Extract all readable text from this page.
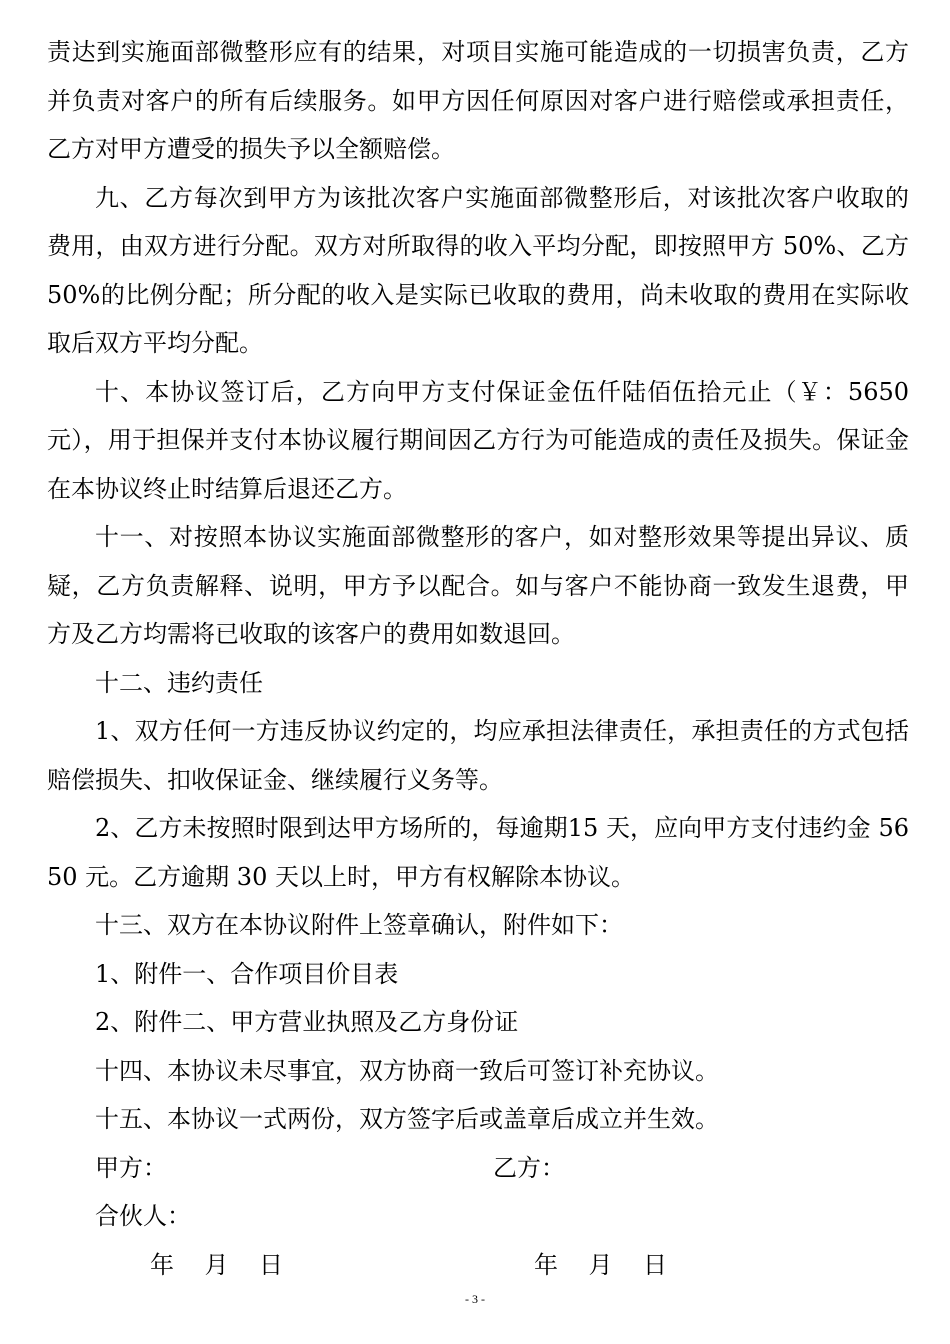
责达到实施面部微整形应有的结果，对项目实施可能造成的一切损害负责，乙方并负责对客户的所有后续服务。如甲方因任何原因对客户进行赔偿或承担责任，乙方对甲方遭受的损失予以全额赔偿。

九、乙方每次到甲方为该批次客户实施面部微整形后，对该批次客户收取的费用，由双方进行分配。双方对所取得的收入平均分配，即按照甲方 50%、乙方 50%的比例分配；所分配的收入是实际已收取的费用，尚未收取的费用在实际收取后双方平均分配。

十、本协议签订后，乙方向甲方支付保证金伍仟陆佰伍拾元止（￥：5650元），用于担保并支付本协议履行期间因乙方行为可能造成的责任及损失。保证金在本协议终止时结算后退还乙方。

十一、对按照本协议实施面部微整形的客户，如对整形效果等提出异议、质疑，乙方负责解释、说明，甲方予以配合。如与客户不能协商一致发生退费，甲方及乙方均需将已收取的该客户的费用如数退回。

十二、违约责任

1、双方任何一方违反协议约定的，均应承担法律责任，承担责任的方式包括赔偿损失、扣收保证金、继续履行义务等。

2、乙方未按照时限到达甲方场所的，每逾期15 天，应向甲方支付违约金 5650 元。乙方逾期 30 天以上时，甲方有权解除本协议。

十三、双方在本协议附件上签章确认，附件如下：

1、附件一、合作项目价目表

2、附件二、甲方营业执照及乙方身份证

十四、本协议未尽事宜，双方协商一致后可签订补充协议。

十五、本协议一式两份，双方签字后或盖章后成立并生效。

甲方：	乙方：
合伙人：
年    月    日	年    月    日
- 3 -
